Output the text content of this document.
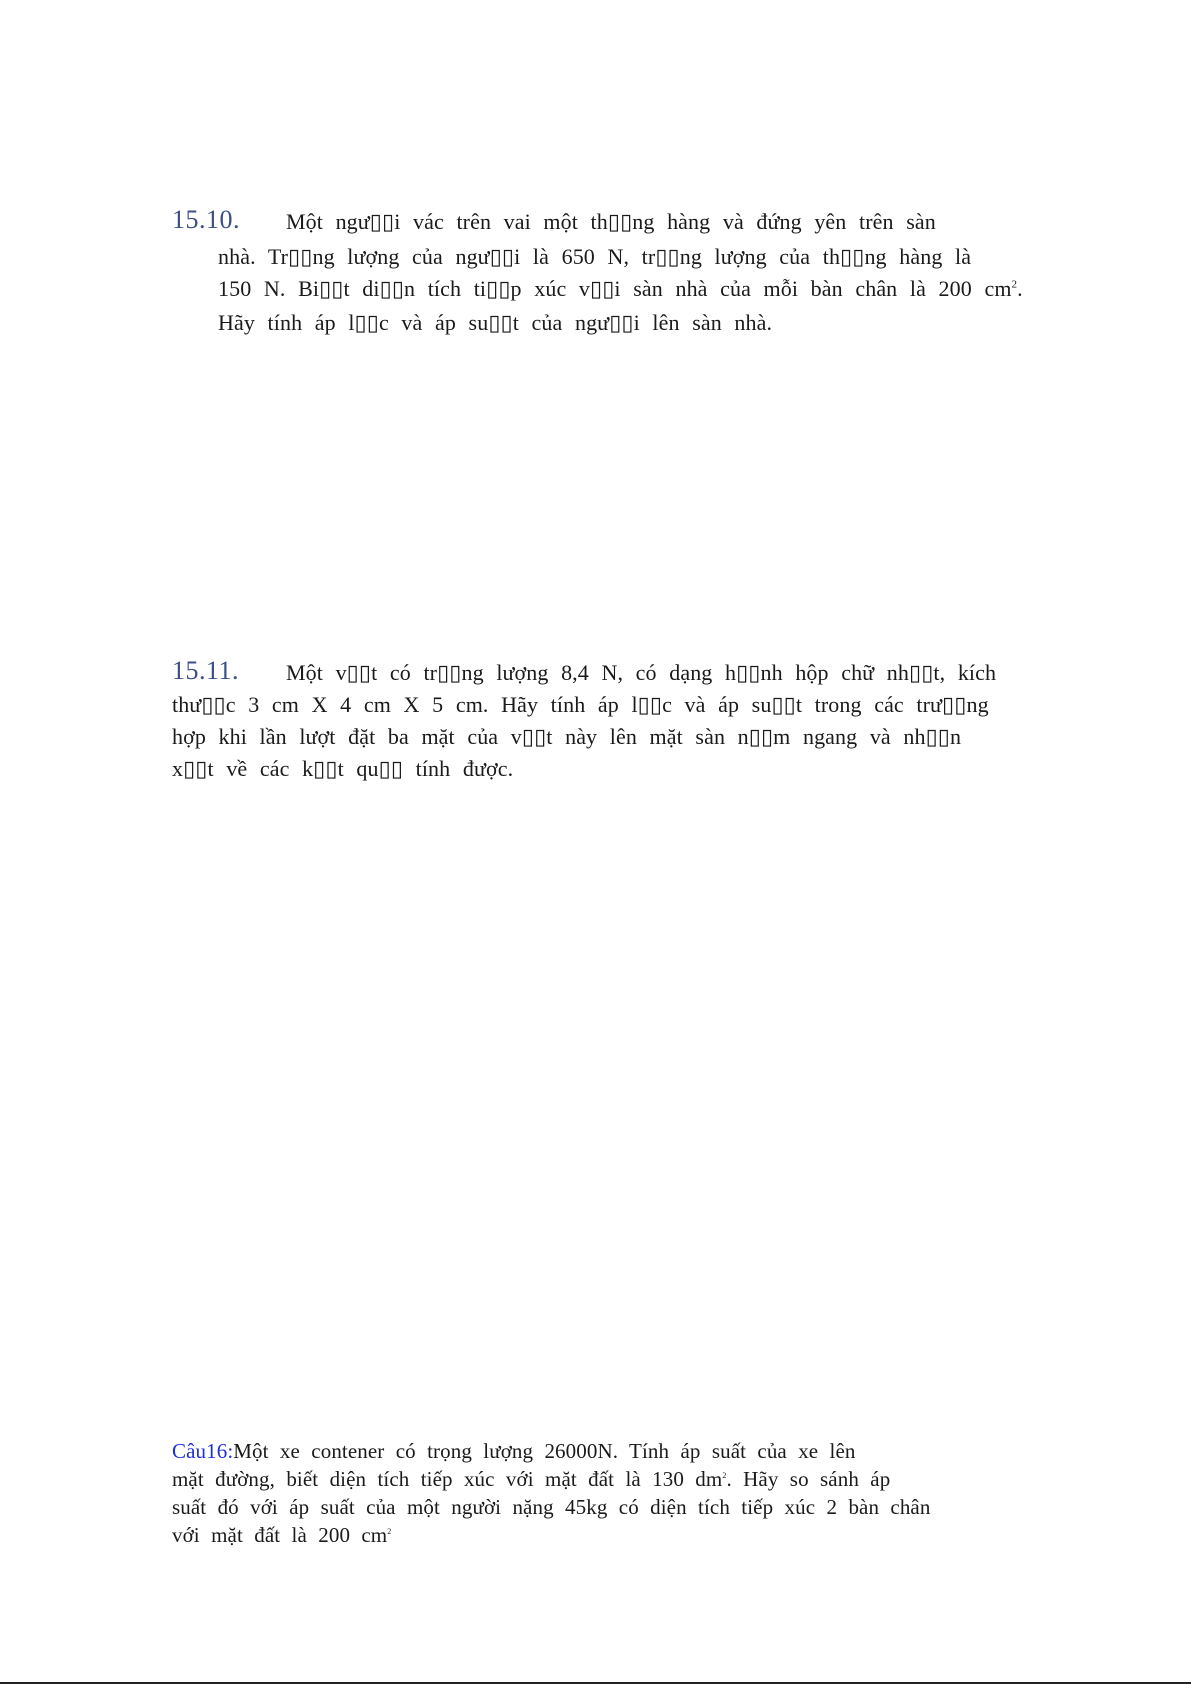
15.10. Một ngư▯▯i vác trên vai một th▯▯ng hàng và đứng yên trên sàn
nhà. Tr▯▯ng lượng của ngư▯▯i là 650 N, tr▯▯ng lượng của th▯▯ng hàng là
150 N. Bi▯▯t di▯▯n tích ti▯▯p xúc v▯▯i sàn nhà của mỗi bàn chân là 200 $cm^2$.
Hãy tính áp l▯▯c và áp su▯▯t của ngư▯▯i lên sàn nhà.
15.11. Một v▯▯t có tr▯▯ng lượng 8,4 N, có dạng h▯▯nh hộp chữ nh▯▯t, kích
thư▯▯c 3 cm X 4 cm X 5 cm. Hãy tính áp l▯▯c và áp su▯▯t trong các trư▯▯ng
hợp khi lần lượt đặt ba mặt của v▯▯t này lên mặt sàn n▯▯m ngang và nh▯▯n
x▯▯t về các k▯▯t qu▯▯ tính được.
Câu16:Một xe contener có trọng lượng 26000N. Tính áp suất của xe lên
mặt đường, biết diện tích tiếp xúc với mặt đất là 130 $dm^2$. Hãy so sánh áp
suất đó với áp suất của một người nặng 45kg có diện tích tiếp xúc 2 bàn chân
với mặt đất là 200 $cm^2$
